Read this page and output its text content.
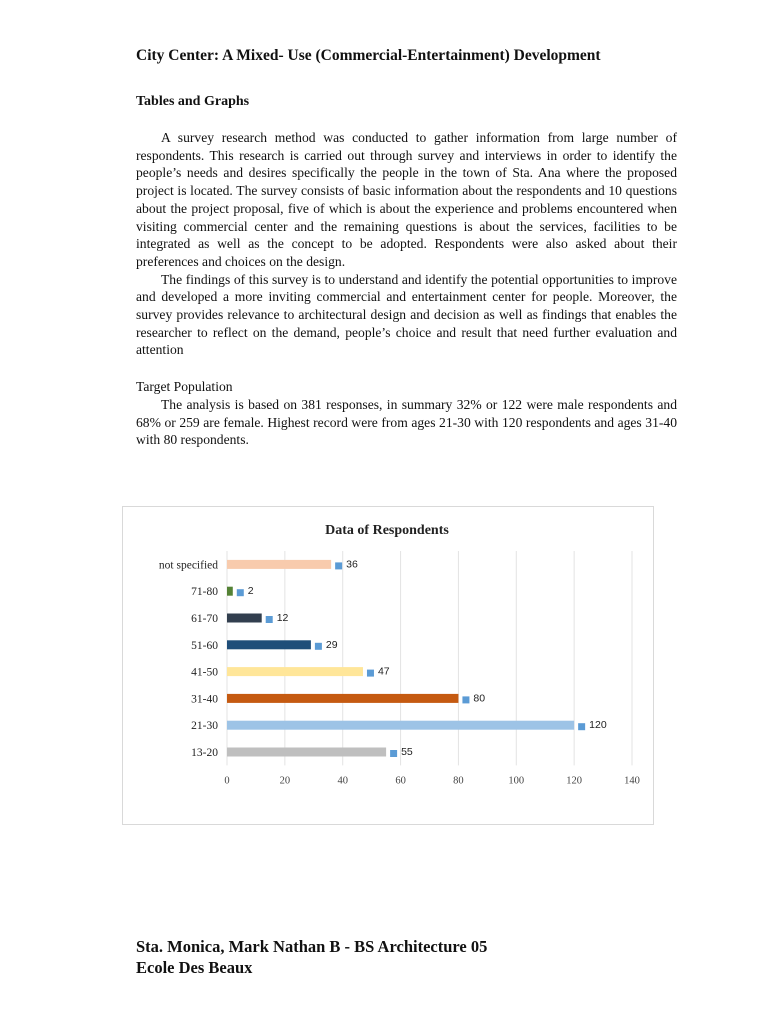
City Center: A Mixed- Use (Commercial-Entertainment) Development
Tables and Graphs

A survey research method was conducted to gather information from large number of respondents. This research is carried out through survey and interviews in order to identify the people’s needs and desires specifically the people in the town of Sta. Ana where the proposed project is located. The survey consists of basic information about the respondents and 10 questions about the project proposal, five of which is about the experience and problems encountered when visiting commercial center and the remaining questions is about the services, facilities to be integrated as well as the concept to be adopted. Respondents were also asked about their preferences and choices on the design.

The findings of this survey is to understand and identify the potential opportunities to improve and developed a more inviting commercial and entertainment center for people. Moreover, the survey provides relevance to architectural design and decision as well as findings that enables the researcher to reflect on the demand, people’s choice and result that need further evaluation and attention

Target Population

The analysis is based on 381 responses, in summary 32% or 122 were male respondents and 68% or 259 are female. Highest record were from ages 21-30 with 120 respondents and ages 31-40 with 80 respondents.

Data of Respondents
0	20	40	60	80	100	120	140
not specified	36
71-80	2
61-70	12
51-60	29
41-50	47
31-40	80
21-30	120
13-20	55
Sta. Monica, Mark Nathan B - BS Architecture 05
Ecole Des Beaux
